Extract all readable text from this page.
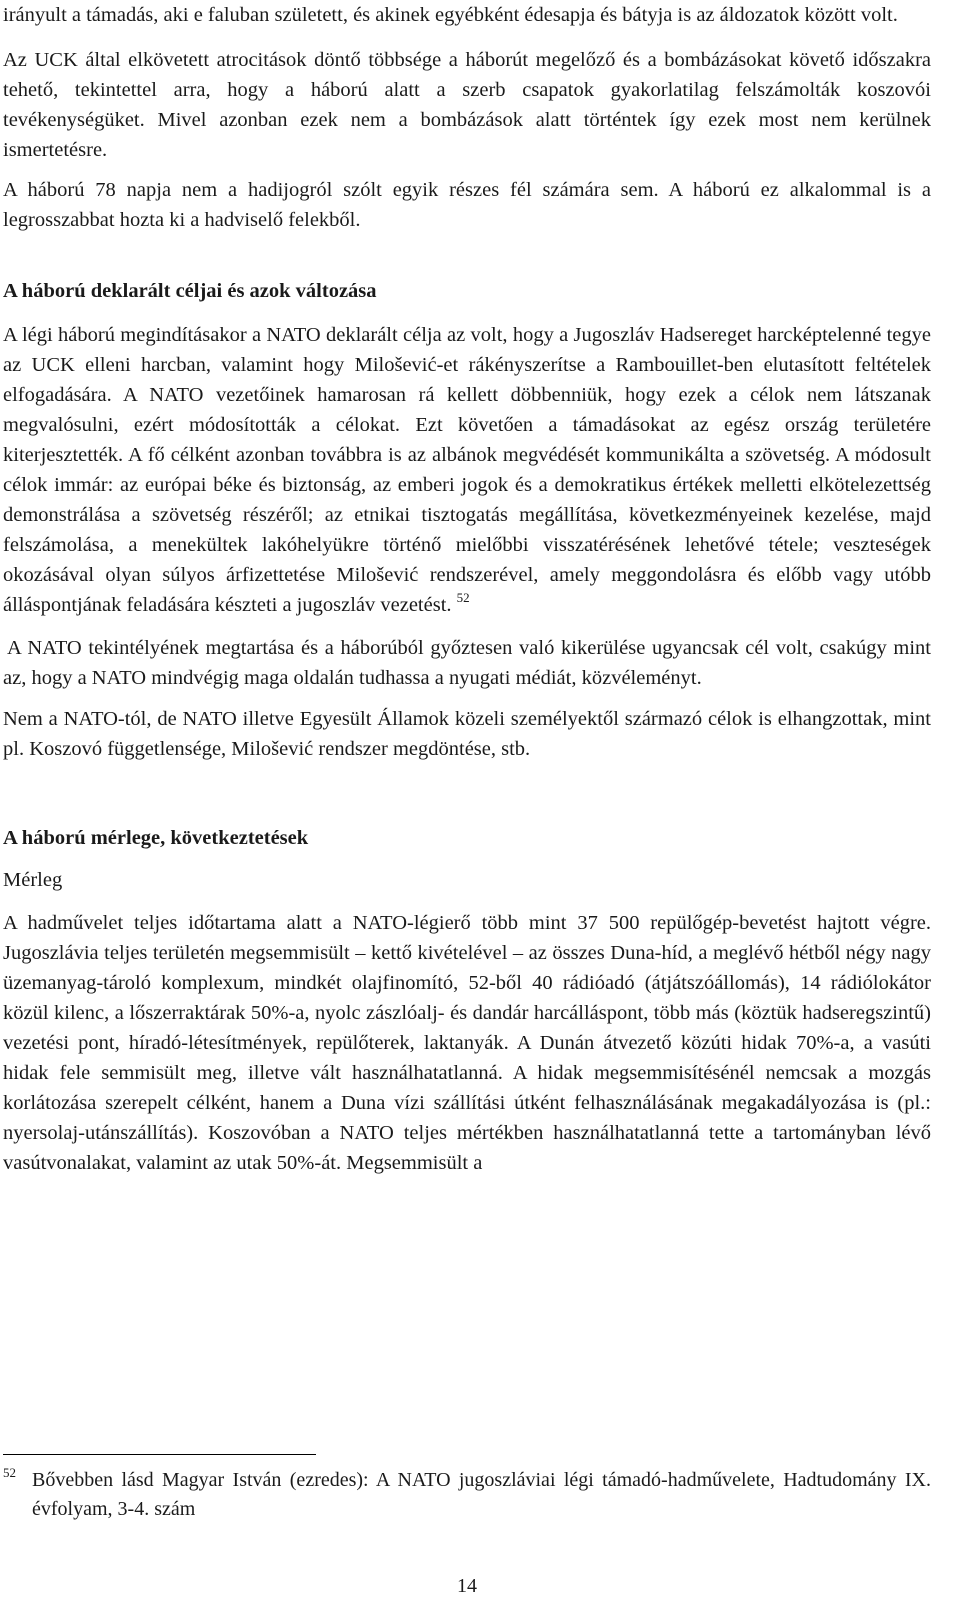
irányult a támadás, aki e faluban született, és akinek egyébként édesapja és bátyja is az áldozatok között volt.

Az UCK által elkövetett atrocitások döntő többsége a háborút megelőző és a bombázásokat követő időszakra tehető, tekintettel arra, hogy a háború alatt a szerb csapatok gyakorlatilag felszámolták koszovói tevékenységüket. Mivel azonban ezek nem a bombázások alatt történtek így ezek most nem kerülnek ismertetésre.

A háború 78 napja nem a hadijogról szólt egyik részes fél számára sem. A háború ez alkalommal is a legrosszabbat hozta ki a hadviselő felekből.

A háború deklarált céljai és azok változása

A légi háború megindításakor a NATO deklarált célja az volt, hogy a Jugoszláv Hadsereget harcképtelenné tegye az UCK elleni harcban, valamint hogy Milošević-et rákényszerítse a Rambouillet-ben elutasított feltételek elfogadására. A NATO vezetőinek hamarosan rá kellett döbbenniük, hogy ezek a célok nem látszanak megvalósulni, ezért módosították a célokat. Ezt követően a támadásokat az egész ország területére kiterjesztették. A fő célként azonban továbbra is az albánok megvédését kommunikálta a szövetség. A módosult célok immár: az európai béke és biztonság, az emberi jogok és a demokratikus értékek melletti elkötelezettség demonstrálása a szövetség részéről; az etnikai tisztogatás megállítása, következményeinek kezelése, majd felszámolása, a menekültek lakóhelyükre történő mielőbbi visszatérésének lehetővé tétele; veszteségek okozásával olyan súlyos árfizettetése Milošević rendszerével, amely meggondolásra és előbb vagy utóbb álláspontjának feladására készteti a jugoszláv vezetést. $^{52}$

A NATO tekintélyének megtartása és a háborúból győztesen való kikerülése ugyancsak cél volt, csakúgy mint az, hogy a NATO mindvégig maga oldalán tudhassa a nyugati médiát, közvéleményt.

Nem a NATO-tól, de NATO illetve Egyesült Államok közeli személyektől származó célok is elhangzottak, mint pl. Koszovó függetlensége, Milošević rendszer megdöntése, stb.

A háború mérlege, következtetések

Mérleg

A hadművelet teljes időtartama alatt a NATO-légierő több mint 37 500 repülőgép-bevetést hajtott végre. Jugoszlávia teljes területén megsemmisült – kettő kivételével – az összes Duna-híd, a meglévő hétből négy nagy üzemanyag-tároló komplexum, mindkét olajfinomító, 52-ből 40 rádióadó (átjátszóállomás), 14 rádiólokátor közül kilenc, a lőszerraktárak 50%-a, nyolc zászlóalj- és dandár harcálláspont, több más (köztük hadseregszintű) vezetési pont, híradó-létesítmények, repülőterek, laktanyák. A Dunán átvezető közúti hidak 70%-a, a vasúti hidak fele semmisült meg, illetve vált használhatatlanná. A hidak megsemmisítésénél nemcsak a mozgás korlátozása szerepelt célként, hanem a Duna vízi szállítási útként felhasználásának megakadályozása is (pl.: nyersolaj-utánszállítás). Koszovóban a NATO teljes mértékben használhatatlanná tette a tartományban lévő vasútvonalakat, valamint az utak 50%-át. Megsemmisült a

52 Bővebben lásd Magyar István (ezredes): A NATO jugoszláviai légi támadó-hadművelete, Hadtudomány IX. évfolyam, 3-4. szám
14
